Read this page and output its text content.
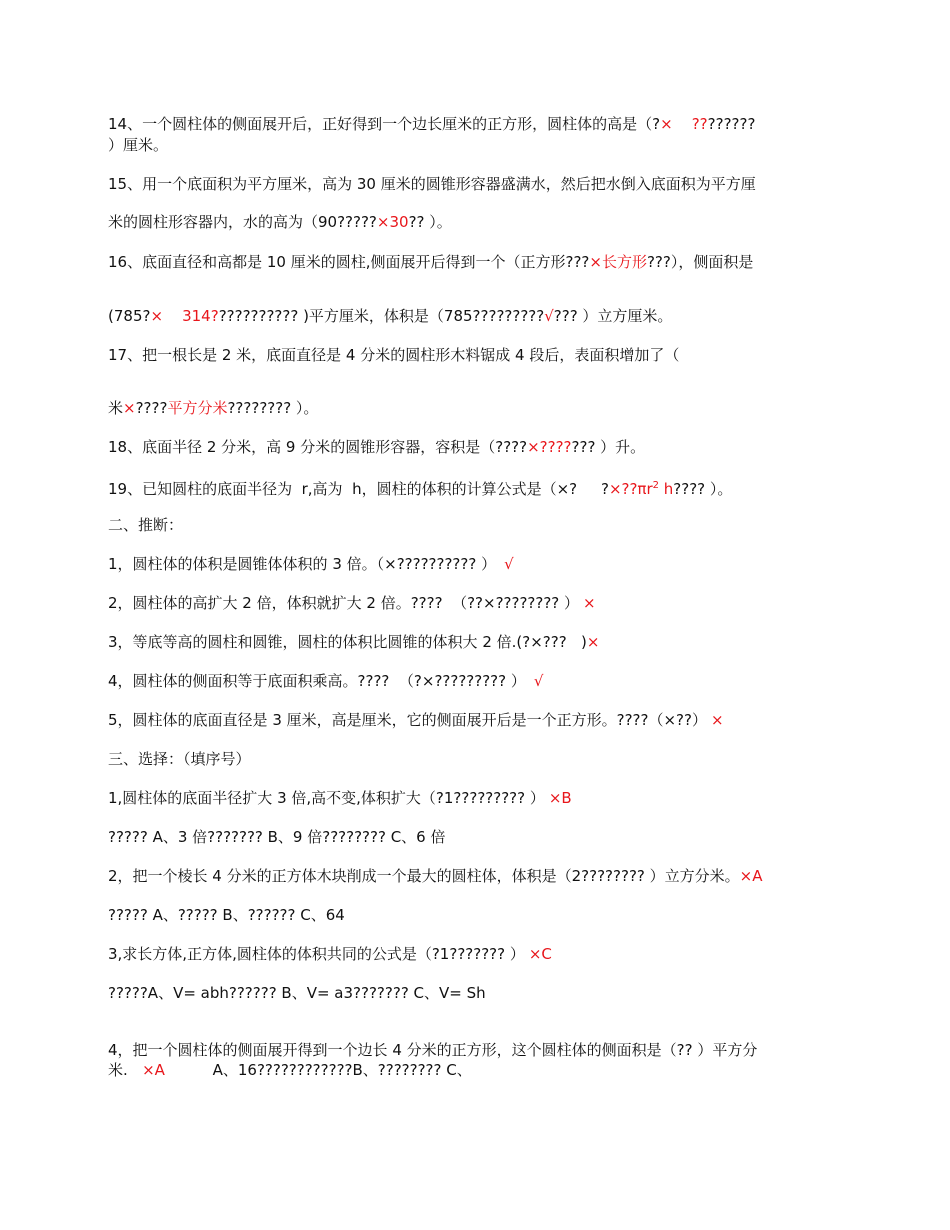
14、一个圆柱体的侧面展开后，正好得到一个边长厘米的正方形，圆柱体的高是（?× ????????
）厘米。
15、用一个底面积为平方厘米，高为 30 厘米的圆锥形容器盛满水，然后把水倒入底面积为平方厘
米的圆柱形容器内，水的高为（90?????×30?? ）。
16、底面直径和高都是 10 厘米的圆柱,侧面展开后得到一个（正方形???×长方形???），侧面积是
(785?×    314??????????? )平方厘米，体积是（785?????????√??? ）立方厘米。
17、把一根长是 2 米，底面直径是 4 分米的圆柱形木料锯成 4 段后，表面积增加了（
米×????平方分米???????? ）。
18、底面半径 2 分米，高 9 分米的圆锥形容器，容积是（????×??????? ）升。
19、已知圆柱的底面半径为  r,高为  h，圆柱的体积的计算公式是（×?     $?\times??\pi r^2$ h???? ）。
二、推断：
1，圆柱体的体积是圆锥体体积的 3 倍。（×?????????? ） √
2，圆柱体的高扩大 2 倍，体积就扩大 2 倍。????  （??×???????? ） ×
3，等底等高的圆柱和圆锥，圆柱的体积比圆锥的体积大 2 倍.(?×???   )×
4，圆柱体的侧面积等于底面积乘高。????  （?×????????? ） √
5，圆柱体的底面直径是 3 厘米，高是厘米，它的侧面展开后是一个正方形。????（×??） ×
三、选择：（填序号）
1,圆柱体的底面半径扩大 3 倍,高不变,体积扩大（?1????????? ） ×B
????? A、3 倍??????? B、9 倍???????? C、6 倍
2，把一个棱长 4 分米的正方体木块削成一个最大的圆柱体，体积是（2???????? ）立方分米。×A
????? A、????? B、?????? C、64
3,求长方体,正方体,圆柱体的体积共同的公式是（?1??????? ） ×C
?????A、V= abh?????? B、V= a3??????? C、V= Sh
4，把一个圆柱体的侧面展开得到一个边长 4 分米的正方形，这个圆柱体的侧面积是（?? ）平方分
米.   ×A          A、16????????????B、???????? C、
